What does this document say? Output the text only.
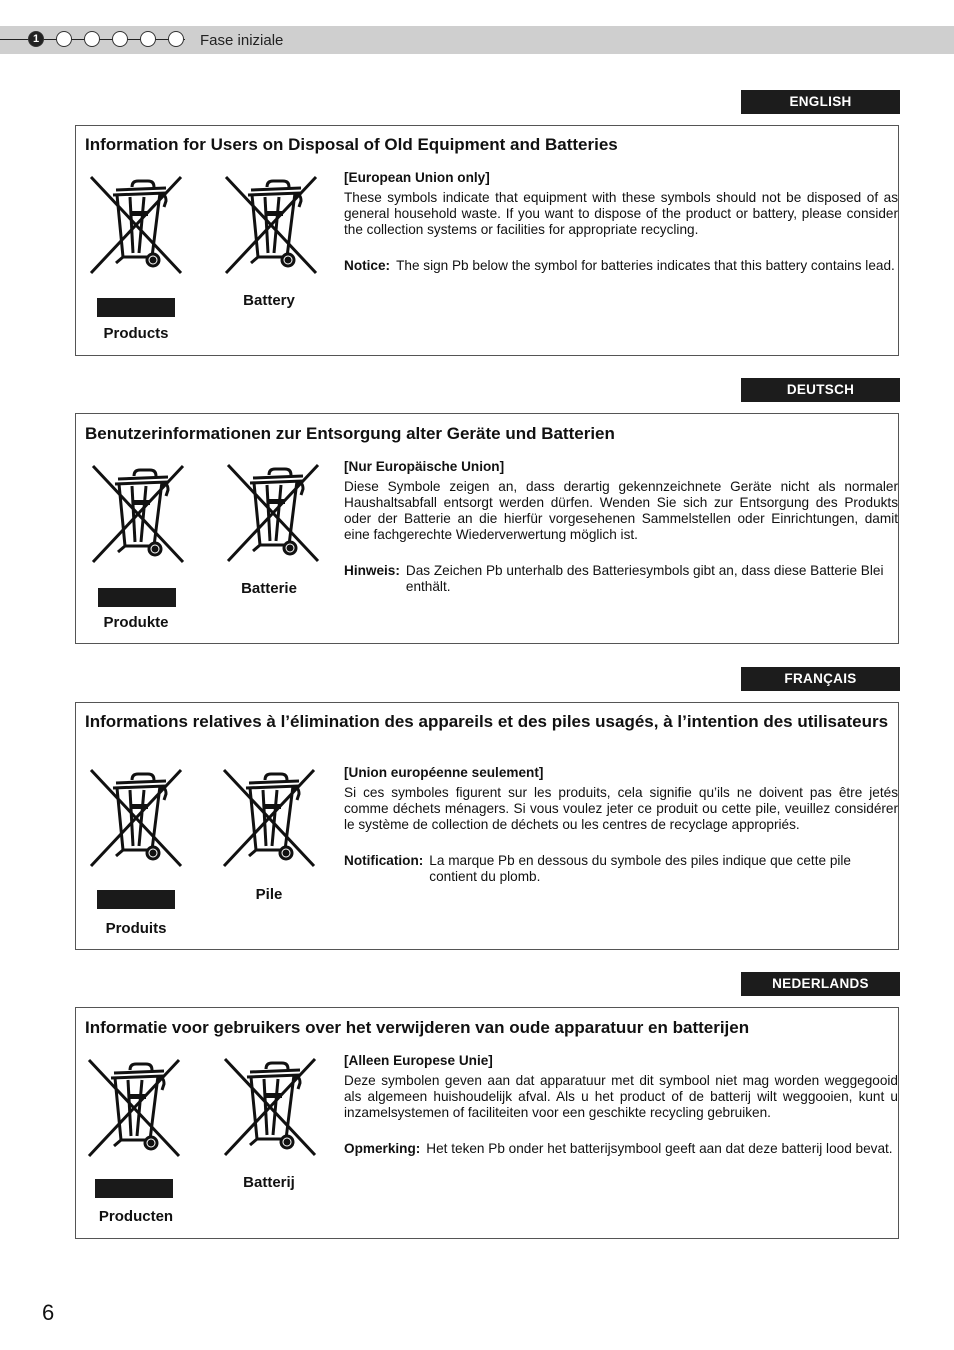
1	Fase iniziale
ENGLISH
Information for Users on Disposal of Old Equipment and Batteries
Products
Battery
[European Union only]
These symbols indicate that equipment with these symbols should not be disposed of as general household waste. If you want to dispose of the product or battery, please consider the collection systems or facilities for appropriate recycling.
Notice: The sign Pb below the symbol for batteries indicates that this battery contains lead.
DEUTSCH
Benutzerinformationen zur Entsorgung alter Geräte und Batterien
Produkte
Batterie
[Nur Europäische Union]
Diese Symbole zeigen an, dass derartig gekennzeichnete Geräte nicht als normaler Haushaltsabfall entsorgt werden dürfen. Wenden Sie sich zur Entsorgung des Produkts oder der Batterie an die hierfür vorgesehenen Sammelstellen oder Einrichtungen, damit eine fachgerechte Wiederverwertung möglich ist.
Hinweis: Das Zeichen Pb unterhalb des Batteriesymbols gibt an, dass diese Batterie Blei enthält.
FRANÇAIS
Informations relatives à l’élimination des appareils et des piles usagés, à l’intention des utilisateurs
Produits
Pile
[Union européenne seulement]
Si ces symboles figurent sur les produits, cela signifie qu’ils ne doivent pas être jetés comme déchets ménagers. Si vous voulez jeter ce produit ou cette pile, veuillez considérer le système de collection de déchets ou les centres de recyclage appropriés.
Notification: La marque Pb en dessous du symbole des piles indique que cette pile contient du plomb.
NEDERLANDS
Informatie voor gebruikers over het verwijderen van oude apparatuur en batterijen
Producten
Batterij
[Alleen Europese Unie]
Deze symbolen geven aan dat apparatuur met dit symbool niet mag worden weggegooid als algemeen huishoudelijk afval. Als u het product of de batterij wilt weggooien, kunt u inzamelsystemen of faciliteiten voor een geschikte recycling gebruiken.
Opmerking: Het teken Pb onder het batterijsymbool geeft aan dat deze batterij lood bevat.
6
